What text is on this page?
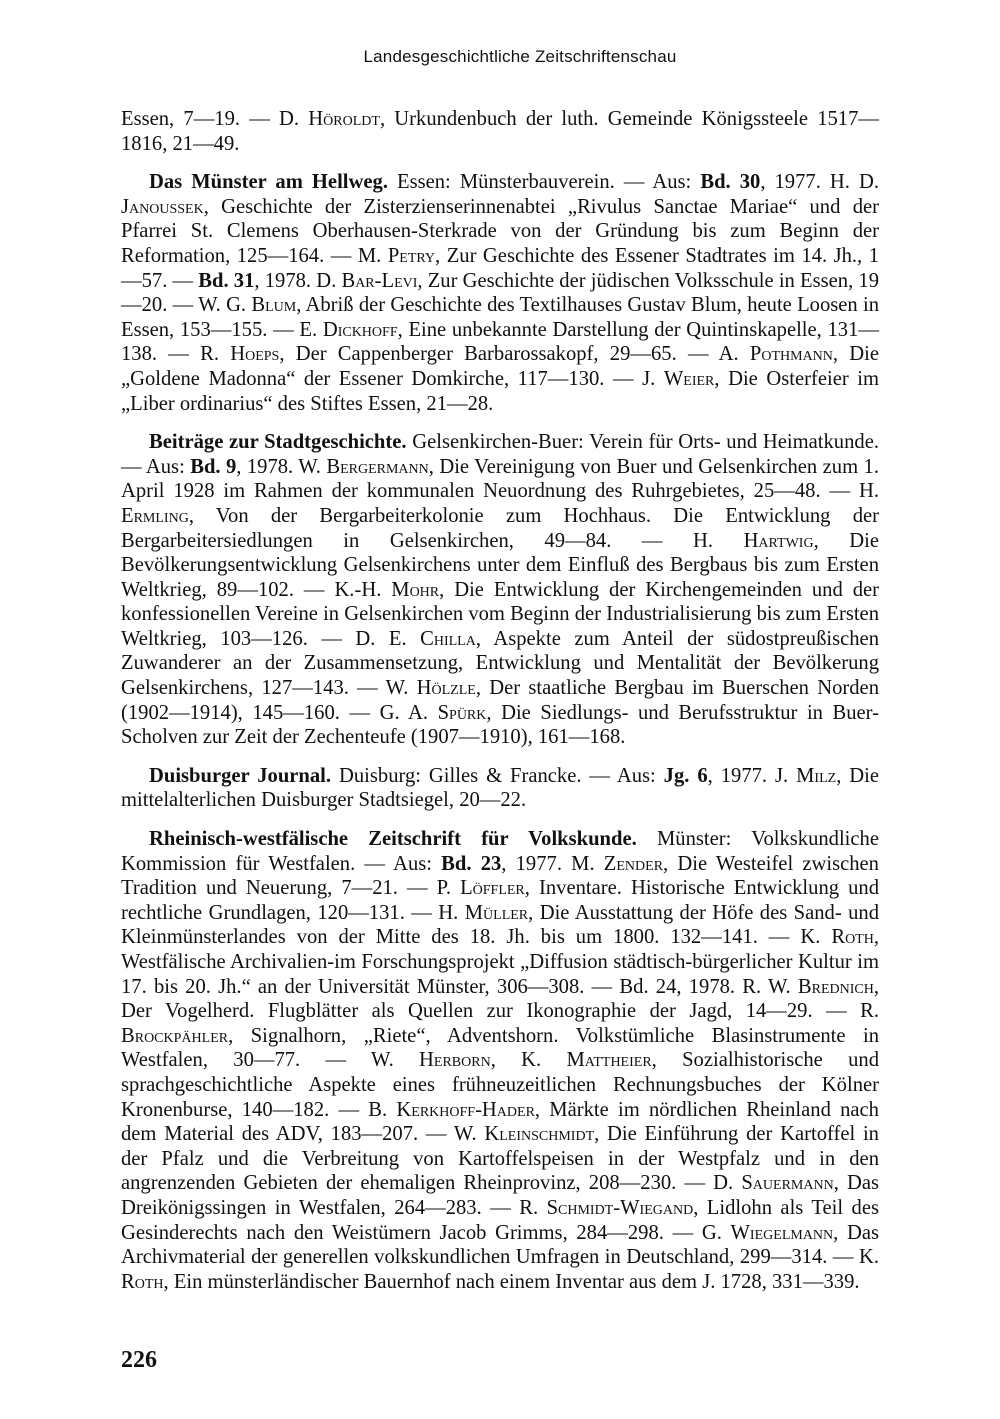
Landesgeschichtliche Zeitschriftenschau

Essen, 7—19. — D. Höroldt, Urkundenbuch der luth. Gemeinde Königssteele 1517—1816, 21—49.

Das Münster am Hellweg. Essen: Münsterbauverein. — Aus: Bd. 30, 1977. H. D. Janoussek, Geschichte der Zisterzienserinnenabtei „Rivulus Sanctae Mariae“ und der Pfarrei St. Clemens Oberhausen-Sterkrade von der Gründung bis zum Beginn der Reformation, 125—164. — M. Petry, Zur Geschichte des Essener Stadtrates im 14. Jh., 1—57. — Bd. 31, 1978. D. Bar-Levi, Zur Geschichte der jüdischen Volksschule in Essen, 19—20. — W. G. Blum, Abriß der Geschichte des Textilhauses Gustav Blum, heute Loosen in Essen, 153—155. — E. Dickhoff, Eine unbekannte Darstellung der Quintinskapelle, 131—138. — R. Hoeps, Der Cappenberger Barbarossakopf, 29—65. — A. Pothmann, Die „Goldene Madonna“ der Essener Domkirche, 117—130. — J. Weier, Die Osterfeier im „Liber ordinarius“ des Stiftes Essen, 21—28.

Beiträge zur Stadtgeschichte. Gelsenkirchen-Buer: Verein für Orts- und Heimatkunde. — Aus: Bd. 9, 1978. W. Bergermann, Die Vereinigung von Buer und Gelsenkirchen zum 1. April 1928 im Rahmen der kommunalen Neuordnung des Ruhrgebietes, 25—48. — H. Ermling, Von der Bergarbeiterkolonie zum Hochhaus. Die Entwicklung der Bergarbeitersiedlungen in Gelsenkirchen, 49—84. — H. Hartwig, Die Bevölkerungsentwicklung Gelsenkirchens unter dem Einfluß des Bergbaus bis zum Ersten Weltkrieg, 89—102. — K.-H. Mohr, Die Entwicklung der Kirchengemeinden und der konfessionellen Vereine in Gelsenkirchen vom Beginn der Industrialisierung bis zum Ersten Weltkrieg, 103—126. — D. E. Chilla, Aspekte zum Anteil der südostpreußischen Zuwanderer an der Zusammensetzung, Entwicklung und Mentalität der Bevölkerung Gelsenkirchens, 127—143. — W. Hölzle, Der staatliche Bergbau im Buerschen Norden (1902—1914), 145—160. — G. A. Spürk, Die Siedlungs- und Berufsstruktur in Buer-Scholven zur Zeit der Zechenteufe (1907—1910), 161—168.

Duisburger Journal. Duisburg: Gilles & Francke. — Aus: Jg. 6, 1977. J. Milz, Die mittelalterlichen Duisburger Stadtsiegel, 20—22.

Rheinisch-westfälische Zeitschrift für Volkskunde. Münster: Volkskundliche Kommission für Westfalen. — Aus: Bd. 23, 1977. M. Zender, Die Westeifel zwischen Tradition und Neuerung, 7—21. — P. Löffler, Inventare. Historische Entwicklung und rechtliche Grundlagen, 120—131. — H. Müller, Die Ausstattung der Höfe des Sand- und Kleinmünsterlandes von der Mitte des 18. Jh. bis um 1800. 132—141. — K. Roth, Westfälische Archivalien-im Forschungsprojekt „Diffusion städtisch-bürgerlicher Kultur im 17. bis 20. Jh.“ an der Universität Münster, 306—308. — Bd. 24, 1978. R. W. Brednich, Der Vogelherd. Flugblätter als Quellen zur Ikonographie der Jagd, 14—29. — R. Brockpähler, Signalhorn, „Riete“, Adventshorn. Volkstümliche Blasinstrumente in Westfalen, 30—77. — W. Herborn, K. Mattheier, Sozialhistorische und sprachgeschichtliche Aspekte eines frühneuzeitlichen Rechnungsbuches der Kölner Kronenburse, 140—182. — B. Kerkhoff-Hader, Märkte im nördlichen Rheinland nach dem Material des ADV, 183—207. — W. Kleinschmidt, Die Einführung der Kartoffel in der Pfalz und die Verbreitung von Kartoffelspeisen in der Westpfalz und in den angrenzenden Gebieten der ehemaligen Rheinprovinz, 208—230. — D. Sauermann, Das Dreikönigssingen in Westfalen, 264—283. — R. Schmidt-Wiegand, Lidlohn als Teil des Gesinderechts nach den Weistümern Jacob Grimms, 284—298. — G. Wiegelmann, Das Archivmaterial der generellen volkskundlichen Umfragen in Deutschland, 299—314. — K. Roth, Ein münsterländischer Bauernhof nach einem Inventar aus dem J. 1728, 331—339.

226
